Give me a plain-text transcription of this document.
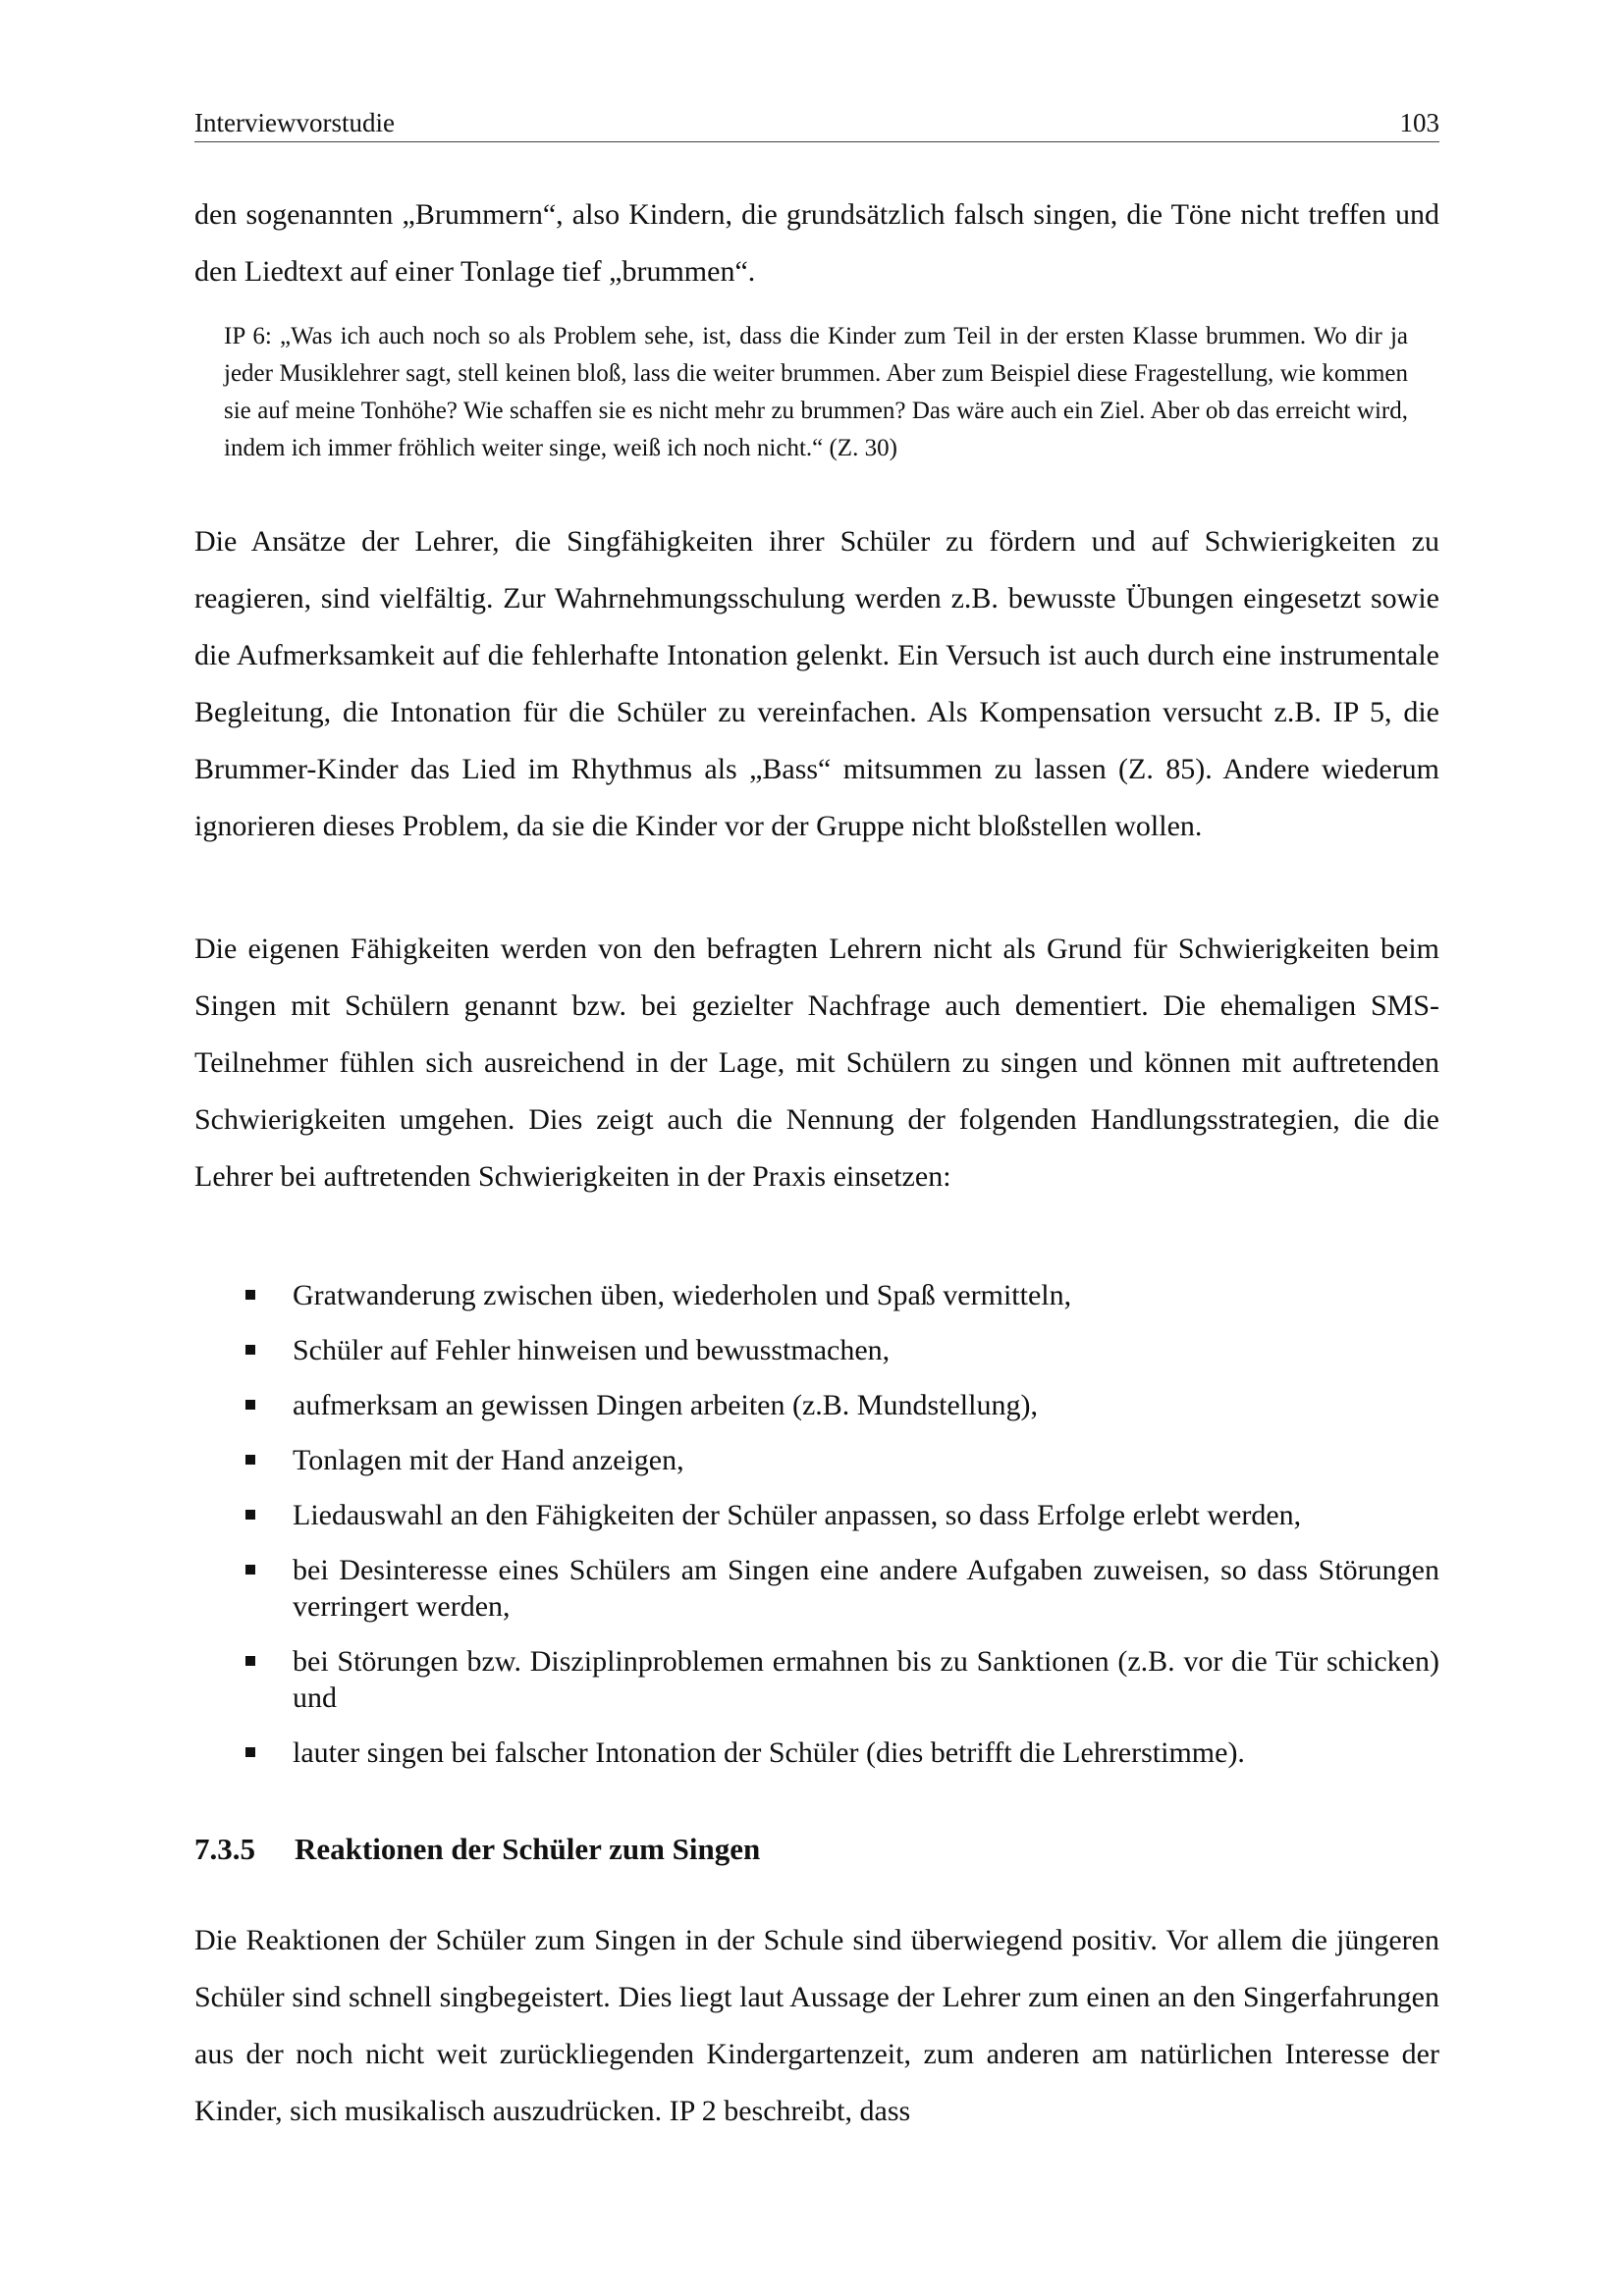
Interviewvorstudie	103

den sogenannten „Brummern“, also Kindern, die grundsätzlich falsch singen, die Töne nicht treffen und den Liedtext auf einer Tonlage tief „brummen“.

IP 6: „Was ich auch noch so als Problem sehe, ist, dass die Kinder zum Teil in der ersten Klasse brummen. Wo dir ja jeder Musiklehrer sagt, stell keinen bloß, lass die weiter brummen. Aber zum Beispiel diese Fragestellung, wie kommen sie auf meine Tonhöhe? Wie schaffen sie es nicht mehr zu brummen? Das wäre auch ein Ziel. Aber ob das erreicht wird, indem ich immer fröhlich weiter singe, weiß ich noch nicht.“ (Z. 30)

Die Ansätze der Lehrer, die Singfähigkeiten ihrer Schüler zu fördern und auf Schwierigkeiten zu reagieren, sind vielfältig. Zur Wahrnehmungsschulung werden z.B. bewusste Übungen eingesetzt sowie die Aufmerksamkeit auf die fehlerhafte Intonation gelenkt. Ein Versuch ist auch durch eine instrumentale Begleitung, die Intonation für die Schüler zu vereinfachen. Als Kompensation versucht z.B. IP 5, die Brummer-Kinder das Lied im Rhythmus als „Bass“ mitsummen zu lassen (Z. 85). Andere wiederum ignorieren dieses Problem, da sie die Kinder vor der Gruppe nicht bloßstellen wollen.

Die eigenen Fähigkeiten werden von den befragten Lehrern nicht als Grund für Schwierigkeiten beim Singen mit Schülern genannt bzw. bei gezielter Nachfrage auch dementiert. Die ehemaligen SMS-Teilnehmer fühlen sich ausreichend in der Lage, mit Schülern zu singen und können mit auftretenden Schwierigkeiten umgehen. Dies zeigt auch die Nennung der folgenden Handlungsstrategien, die die Lehrer bei auftretenden Schwierigkeiten in der Praxis einsetzen:

Gratwanderung zwischen üben, wiederholen und Spaß vermitteln,
Schüler auf Fehler hinweisen und bewusstmachen,
aufmerksam an gewissen Dingen arbeiten (z.B. Mundstellung),
Tonlagen mit der Hand anzeigen,
Liedauswahl an den Fähigkeiten der Schüler anpassen, so dass Erfolge erlebt werden,
bei Desinteresse eines Schülers am Singen eine andere Aufgaben zuweisen, so dass Störungen verringert werden,
bei Störungen bzw. Disziplinproblemen ermahnen bis zu Sanktionen (z.B. vor die Tür schicken) und
lauter singen bei falscher Intonation der Schüler (dies betrifft die Lehrerstimme).
7.3.5	Reaktionen der Schüler zum Singen

Die Reaktionen der Schüler zum Singen in der Schule sind überwiegend positiv. Vor allem die jüngeren Schüler sind schnell singbegeistert. Dies liegt laut Aussage der Lehrer zum einen an den Singerfahrungen aus der noch nicht weit zurückliegenden Kindergartenzeit, zum anderen am natürlichen Interesse der Kinder, sich musikalisch auszudrücken. IP 2 beschreibt, dass
